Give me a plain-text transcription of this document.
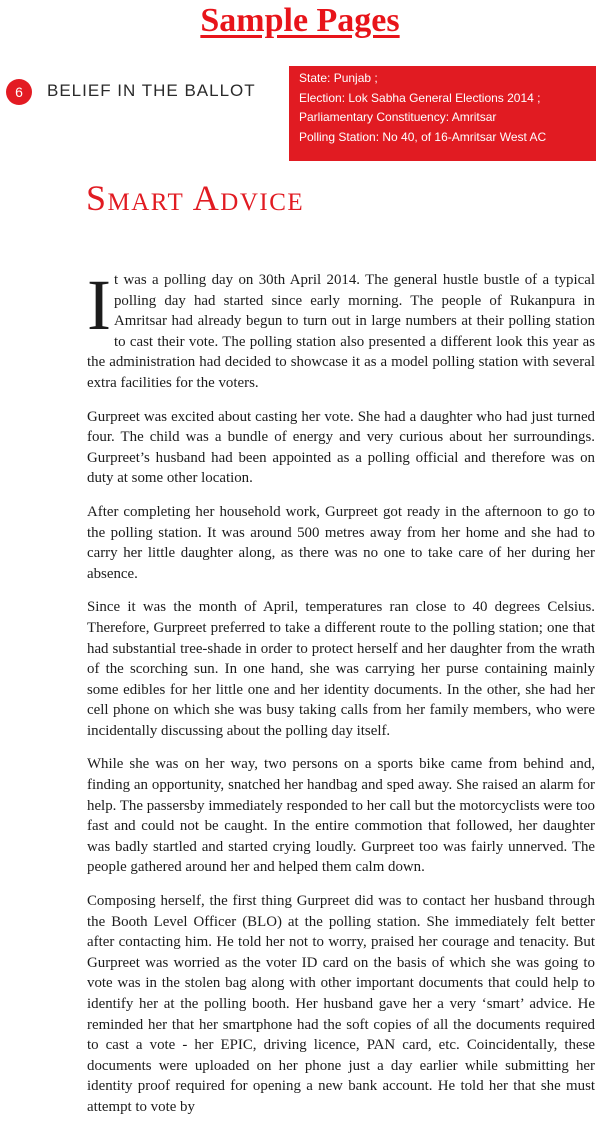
Sample Pages
6	BELIEF IN THE BALLOT
State: Punjab ;
Election: Lok Sabha General Elections 2014 ;
Parliamentary Constituency: Amritsar
Polling Station: No 40, of 16-Amritsar West AC
Smart Advice

It was a polling day on 30th April 2014. The general hustle bustle of a typical polling day had started since early morning. The people of Rukanpura in Amritsar had already begun to turn out in large numbers at their polling station to cast their vote. The polling station also presented a different look this year as the administration had decided to showcase it as a model polling station with several extra facilities for the voters.

Gurpreet was excited about casting her vote. She had a daughter who had just turned four. The child was a bundle of energy and very curious about her surroundings. Gurpreet’s husband had been appointed as a polling official and therefore was on duty at some other location.

After completing her household work, Gurpreet got ready in the afternoon to go to the polling station. It was around 500 metres away from her home and she had to carry her little daughter along, as there was no one to take care of her during her absence.

Since it was the month of April, temperatures ran close to 40 degrees Celsius. Therefore, Gurpreet preferred to take a different route to the polling station; one that had substantial tree-shade in order to protect herself and her daughter from the wrath of the scorching sun. In one hand, she was carrying her purse containing mainly some edibles for her little one and her identity documents. In the other, she had her cell phone on which she was busy taking calls from her family members, who were incidentally discussing about the polling day itself.

While she was on her way, two persons on a sports bike came from behind and, finding an opportunity, snatched her handbag and sped away. She raised an alarm for help. The passersby immediately responded to her call but the motorcyclists were too fast and could not be caught. In the entire commotion that followed, her daughter was badly startled and started crying loudly. Gurpreet too was fairly unnerved. The people gathered around her and helped them calm down.

Composing herself, the first thing Gurpreet did was to contact her husband through the Booth Level Officer (BLO) at the polling station. She immediately felt better after contacting him. He told her not to worry, praised her courage and tenacity. But Gurpreet was worried as the voter ID card on the basis of which she was going to vote was in the stolen bag along with other important documents that could help to identify her at the polling booth. Her husband gave her a very ‘smart’ advice. He reminded her that her smartphone had the soft copies of all the documents required to cast a vote - her EPIC, driving licence, PAN card, etc. Coincidentally, these documents were uploaded on her phone just a day earlier while submitting her identity proof required for opening a new bank account. He told her that she must attempt to vote by
